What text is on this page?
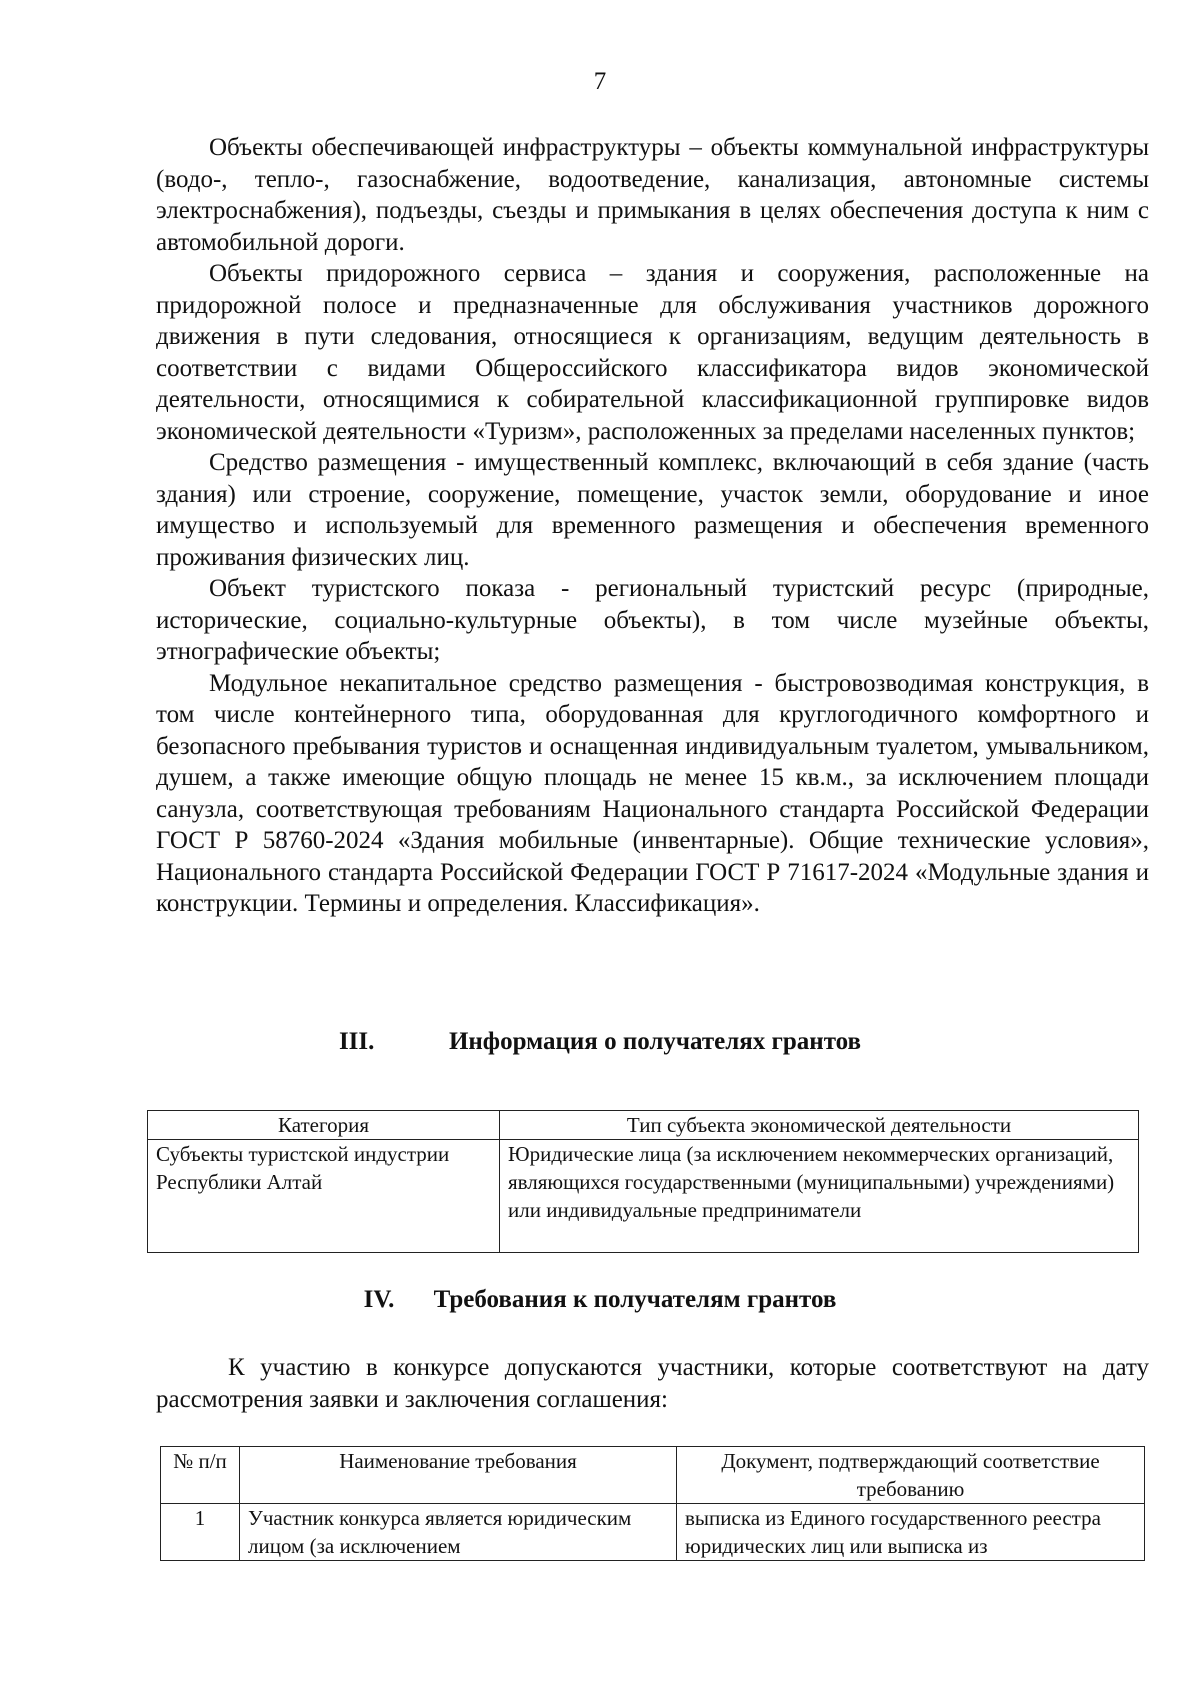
7

Объекты обеспечивающей инфраструктуры – объекты коммунальной инфраструктуры (водо-, тепло-, газоснабжение, водоотведение, канализация, автономные системы электроснабжения), подъезды, съезды и примыкания в целях обеспечения доступа к ним с автомобильной дороги.

Объекты придорожного сервиса – здания и сооружения, расположенные на придорожной полосе и предназначенные для обслуживания участников дорожного движения в пути следования, относящиеся к организациям, ведущим деятельность в соответствии с видами Общероссийского классификатора видов экономической деятельности, относящимися к собирательной классификационной группировке видов экономической деятельности «Туризм», расположенных за пределами населенных пунктов;

Средство размещения - имущественный комплекс, включающий в себя здание (часть здания) или строение, сооружение, помещение, участок земли, оборудование и иное имущество и используемый для временного размещения и обеспечения временного проживания физических лиц.

Объект туристского показа - региональный туристский ресурс (природные, исторические, социально-культурные объекты), в том числе музейные объекты, этнографические объекты;

Модульное некапитальное средство размещения - быстровозводимая конструкция, в том числе контейнерного типа, оборудованная для круглогодичного комфортного и безопасного пребывания туристов и оснащенная индивидуальным туалетом, умывальником, душем, а также имеющие общую площадь не менее 15 кв.м., за исключением площади санузла, соответствующая требованиям Национального стандарта Российской Федерации ГОСТ Р 58760-2024 «Здания мобильные (инвентарные). Общие технические условия», Национального стандарта Российской Федерации ГОСТ Р 71617-2024 «Модульные здания и конструкции. Термины и определения. Классификация».

III.	Информация о получателях грантов
Категория	Тип субъекта экономической деятельности
Субъекты туристской индустрии Республики Алтай	Юридические лица (за исключением некоммерческих организаций, являющихся государственными (муниципальными) учреждениями) или индивидуальные предприниматели
IV. Требования к получателям грантов

К участию в конкурсе допускаются участники, которые соответствуют на дату рассмотрения заявки и заключения соглашения:

№ п/п	Наименование требования	Документ, подтверждающий соответствие требованию
1	Участник конкурса является юридическим лицом (за исключением	выписка из Единого государственного реестра юридических лиц или выписка из
